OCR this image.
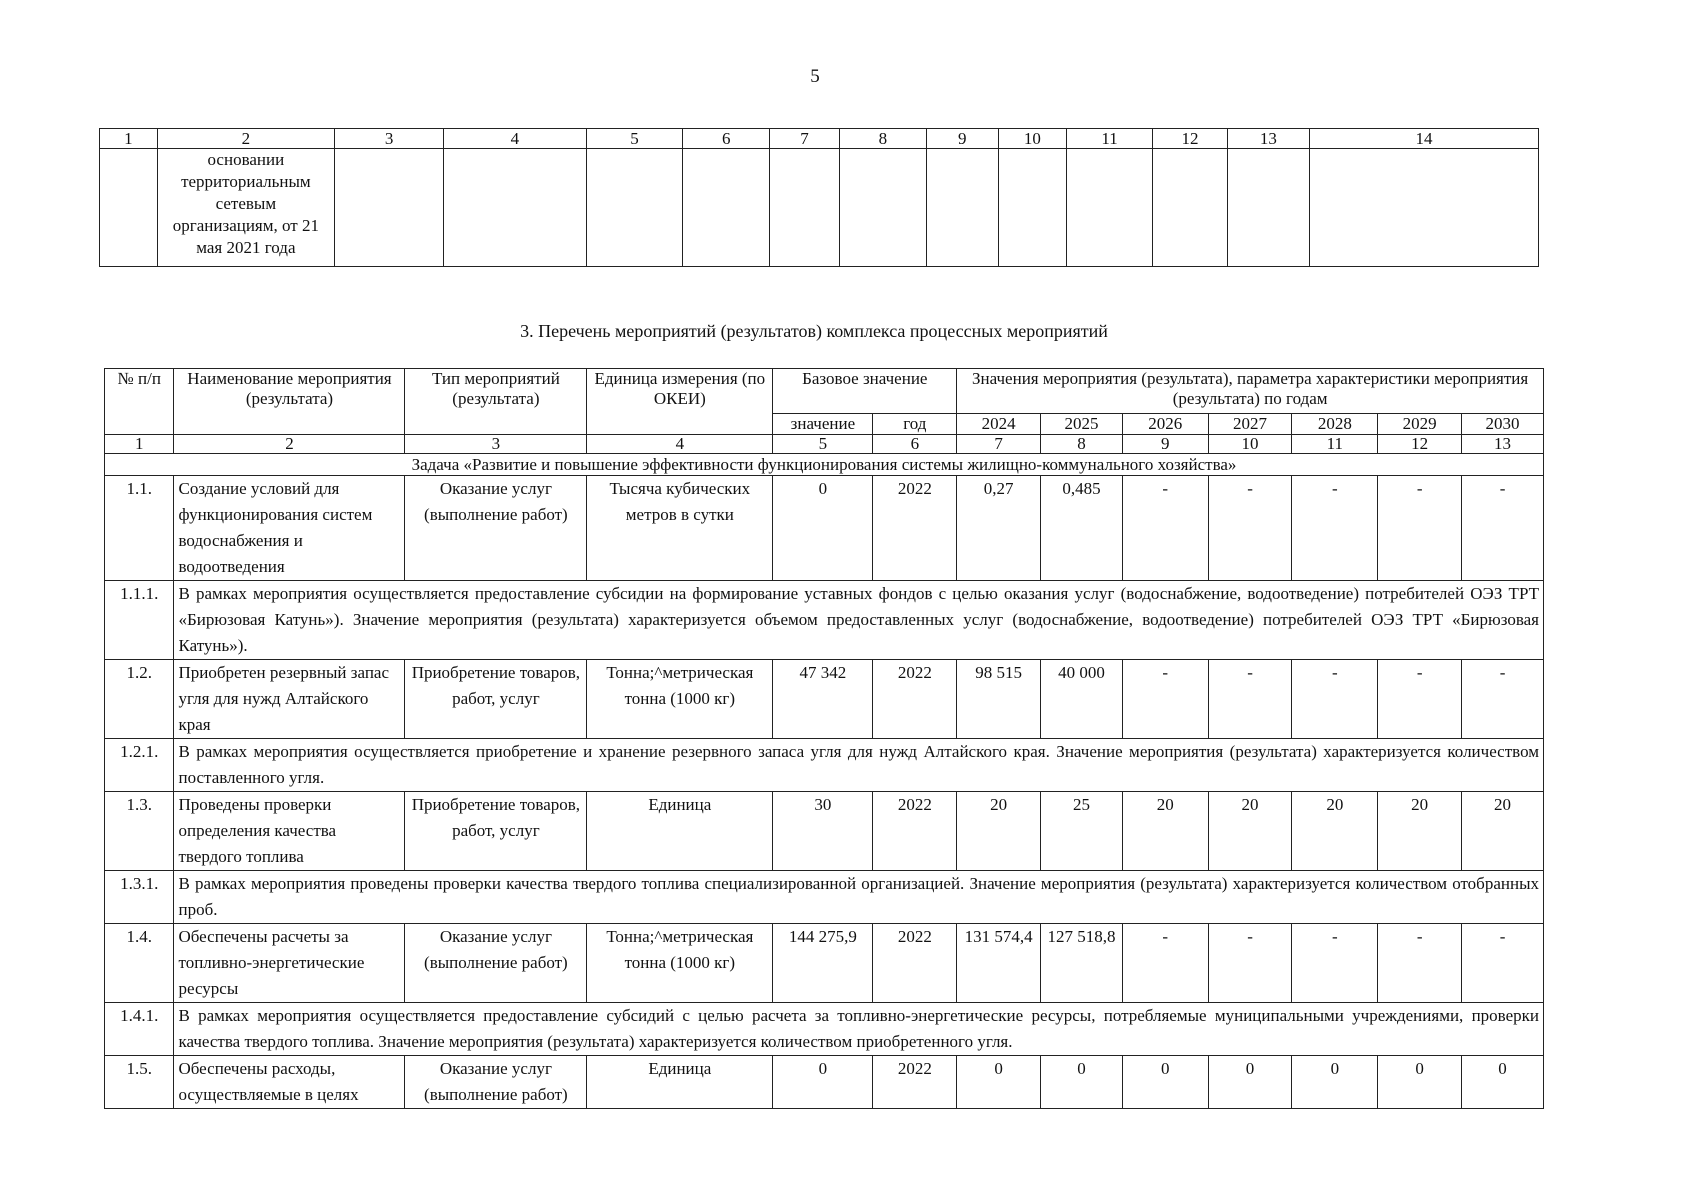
5
1	2	3	4	5	6	7	8	9	10	11	12	13	14

	основании
территориальным
сетевым
организациям, от 21
мая 2021 года												

3. Перечень мероприятий (результатов) комплекса процессных мероприятий
№ п/п	Наименование мероприятия (результата)	Тип мероприятий (результата)	Единица измерения (по ОКЕИ)	Базовое значение		Значения мероприятия (результата), параметра характеристики мероприятия (результата) по годам						
				значение	год	2024	2025	2026	2027	2028	2029	2030
1	2	3	4	5	6	7	8	9	10	11	12	13
Задача «Развитие и повышение эффективности функционирования системы жилищно-коммунального хозяйства»												
1.1.	Создание условий для функционирования систем водоснабжения и водоотведения	Оказание услуг (выполнение работ)	Тысяча кубических метров в сутки	0	2022	0,27	0,485	-	-	-	-	-
1.1.1.	В рамках мероприятия осуществляется предоставление субсидии на формирование уставных фондов с целью оказания услуг (водоснабжение, водоотведение) потребителей ОЭЗ ТРТ «Бирюзовая Катунь»). Значение мероприятия (результата) характеризуется объемом предоставленных услуг (водоснабжение, водоотведение) потребителей ОЭЗ ТРТ «Бирюзовая Катунь»).											
1.2.	Приобретен резервный запас угля для нужд Алтайского края	Приобретение товаров, работ, услуг	Тонна;^метрическая тонна (1000 кг)	47 342	2022	98 515	40 000	-	-	-	-	-
1.2.1.	В рамках мероприятия осуществляется приобретение и хранение резервного запаса угля для нужд Алтайского края. Значение мероприятия (результата) характеризуется количеством поставленного угля.											
1.3.	Проведены проверки определения качества твердого топлива	Приобретение товаров, работ, услуг	Единица	30	2022	20	25	20	20	20	20	20
1.3.1.	В рамках мероприятия проведены проверки качества твердого топлива специализированной организацией. Значение мероприятия (результата) характеризуется количеством отобранных проб.											
1.4.	Обеспечены расчеты за топливно-энергетические ресурсы	Оказание услуг (выполнение работ)	Тонна;^метрическая тонна (1000 кг)	144 275,9	2022	131 574,4	127 518,8	-	-	-	-	-
1.4.1.	В рамках мероприятия осуществляется предоставление субсидий с целью расчета за топливно-энергетические ресурсы, потребляемые муниципальными учреждениями, проверки качества твердого топлива. Значение мероприятия (результата) характеризуется количеством приобретенного угля.											
1.5.	Обеспечены расходы, осуществляемые в целях	Оказание услуг (выполнение работ)	Единица	0	2022	0	0	0	0	0	0	0
